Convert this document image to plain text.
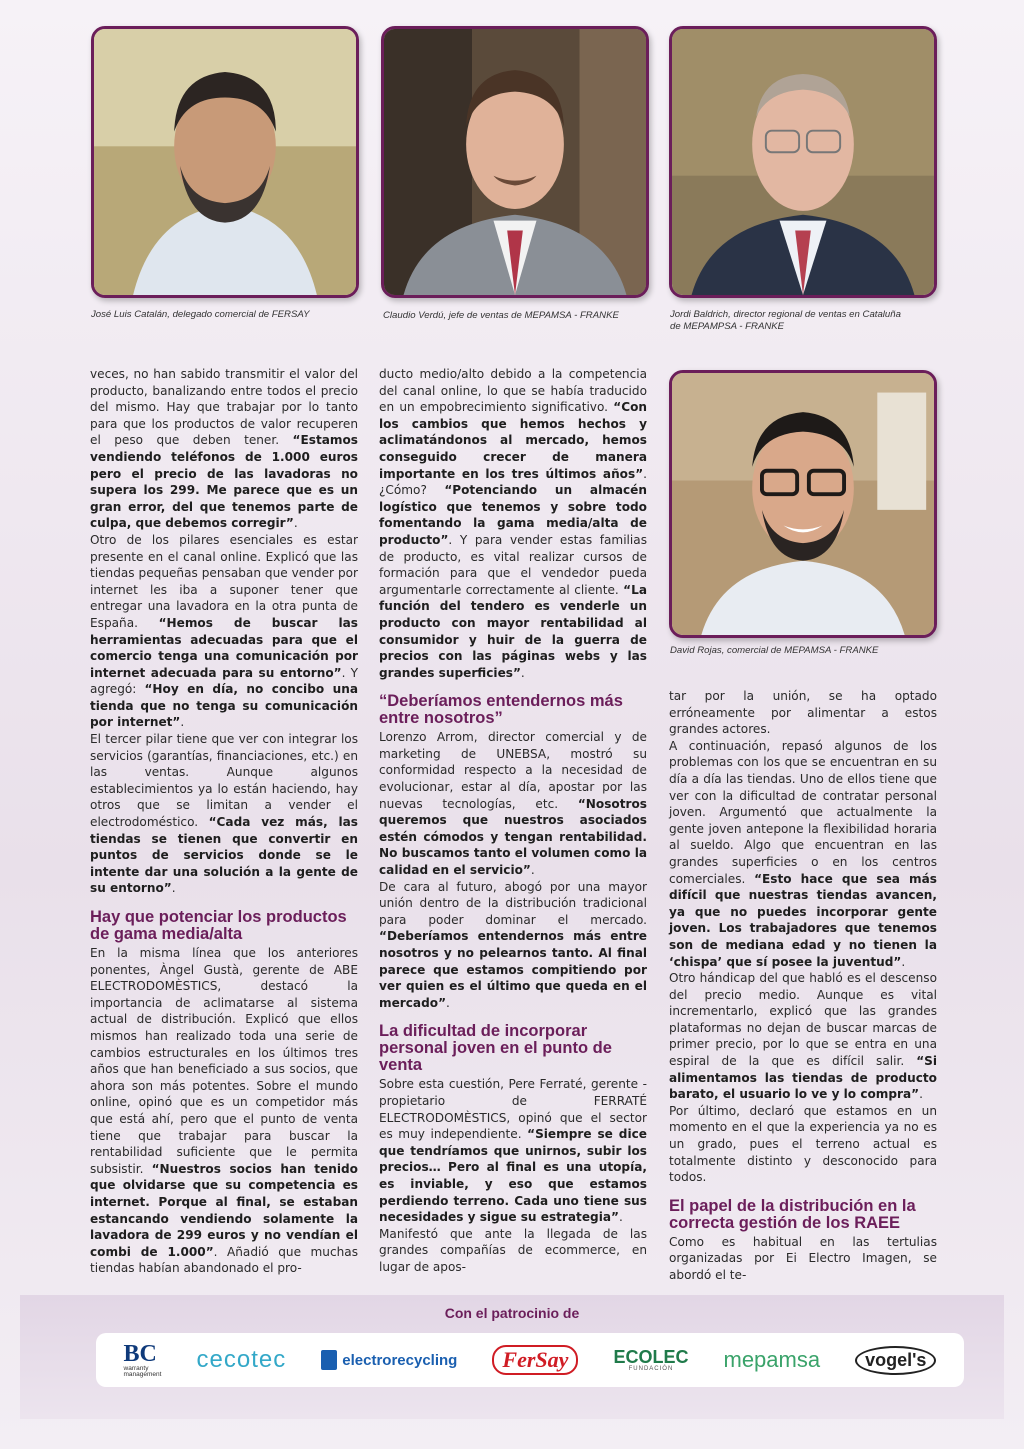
José Luis Catalán, delegado comercial de FERSAY	Claudio Verdú, jefe de ventas de MEPAMSA - FRANKE	Jordi Baldrich, director regional de ventas en Cataluña
de MEPAMPSA - FRANKE
David Rojas, comercial de MEPAMSA - FRANKE

veces, no han sabido transmitir el valor del producto, banalizando entre todos el precio del mismo. Hay que trabajar por lo tanto para que los productos de valor recuperen el peso que deben tener. “Estamos vendiendo teléfonos de 1.000 euros pero el precio de las lavadoras no supera los 299. Me parece que es un gran error, del que tenemos parte de culpa, que debemos corregir”.

Otro de los pilares esenciales es estar presente en el canal online. Explicó que las tiendas pequeñas pensaban que vender por internet les iba a suponer tener que entregar una lavadora en la otra punta de España. “Hemos de buscar las herramientas adecuadas para que el comercio tenga una comunicación por internet adecuada para su entorno”. Y agregó: “Hoy en día, no concibo una tienda que no tenga su comunicación por internet”.

El tercer pilar tiene que ver con integrar los servicios (garantías, financiaciones, etc.) en las ventas. Aunque algunos establecimientos ya lo están haciendo, hay otros que se limitan a vender el electrodoméstico. “Cada vez más, las tiendas se tienen que convertir en puntos de servicios donde se le intente dar una solución a la gente de su entorno”.

Hay que potenciar los productos de gama media/alta

En la misma línea que los anteriores ponentes, Àngel Gustà, gerente de ABE ELECTRODOMÈSTICS, destacó la importancia de aclimatarse al sistema actual de distribución. Explicó que ellos mismos han realizado toda una serie de cambios estructurales en los últimos tres años que han beneficiado a sus socios, que ahora son más potentes. Sobre el mundo online, opinó que es un competidor más que está ahí, pero que el punto de venta tiene que trabajar para buscar la rentabilidad suficiente que le permita subsistir. “Nuestros socios han tenido que olvidarse que su competencia es internet. Porque al final, se estaban estancando vendiendo solamente la lavadora de 299 euros y no vendían el combi de 1.000”. Añadió que muchas tiendas habían abandonado el pro-

ducto medio/alto debido a la competencia del canal online, lo que se había traducido en un empobrecimiento significativo. “Con los cambios que hemos hechos y aclimatándonos al mercado, hemos conseguido crecer de manera importante en los tres últimos años”. ¿Cómo? “Potenciando un almacén logístico que tenemos y sobre todo fomentando la gama media/alta de producto”. Y para vender estas familias de producto, es vital realizar cursos de formación para que el vendedor pueda argumentarle correctamente al cliente. “La función del tendero es venderle un producto con mayor rentabilidad al consumidor y huir de la guerra de precios con las páginas webs y las grandes superficies”.

“Deberíamos entendernos más entre nosotros”

Lorenzo Arrom, director comercial y de marketing de UNEBSA, mostró su conformidad respecto a la necesidad de evolucionar, estar al día, apostar por las nuevas tecnologías, etc. “Nosotros queremos que nuestros asociados estén cómodos y tengan rentabilidad. No buscamos tanto el volumen como la calidad en el servicio”.

De cara al futuro, abogó por una mayor unión dentro de la distribución tradicional para poder dominar el mercado. “Deberíamos entendernos más entre nosotros y no pelearnos tanto. Al final parece que estamos compitiendo por ver quien es el último que queda en el mercado”.

La dificultad de incorporar personal joven en el punto de venta

Sobre esta cuestión, Pere Ferraté, gerente - propietario de FERRATÉ ELECTRODOMÈSTICS, opinó que el sector es muy independiente. “Siempre se dice que tendríamos que unirnos, subir los precios… Pero al final es una utopía, es inviable, y eso que estamos perdiendo terreno. Cada uno tiene sus necesidades y sigue su estrategia”.

Manifestó que ante la llegada de las grandes compañías de ecommerce, en lugar de apos-

tar por la unión, se ha optado erróneamente por alimentar a estos grandes actores.

A continuación, repasó algunos de los problemas con los que se encuentran en su día a día las tiendas. Uno de ellos tiene que ver con la dificultad de contratar personal joven. Argumentó que actualmente la gente joven antepone la flexibilidad horaria al sueldo. Algo que encuentran en las grandes superficies o en los centros comerciales. “Esto hace que sea más difícil que nuestras tiendas avancen, ya que no puedes incorporar gente joven. Los trabajadores que tenemos son de mediana edad y no tienen la ‘chispa’ que sí posee la juventud”.

Otro hándicap del que habló es el descenso del precio medio. Aunque es vital incrementarlo, explicó que las grandes plataformas no dejan de buscar marcas de primer precio, por lo que se entra en una espiral de la que es difícil salir. “Si alimentamos las tiendas de producto barato, el usuario lo ve y lo compra”.

Por último, declaró que estamos en un momento en el que la experiencia ya no es un grado, pues el terreno actual es totalmente distinto y desconocido para todos.

El papel de la distribución en la correcta gestión de los RAEE

Como es habitual en las tertulias organizadas por Ei Electro Imagen, se abordó el te-

Con el patrocinio de
BC
warranty
management
cecotec	electrorecycling	FerSay	ECOLEC
FUNDACIÓN mepamsa	vogel's
